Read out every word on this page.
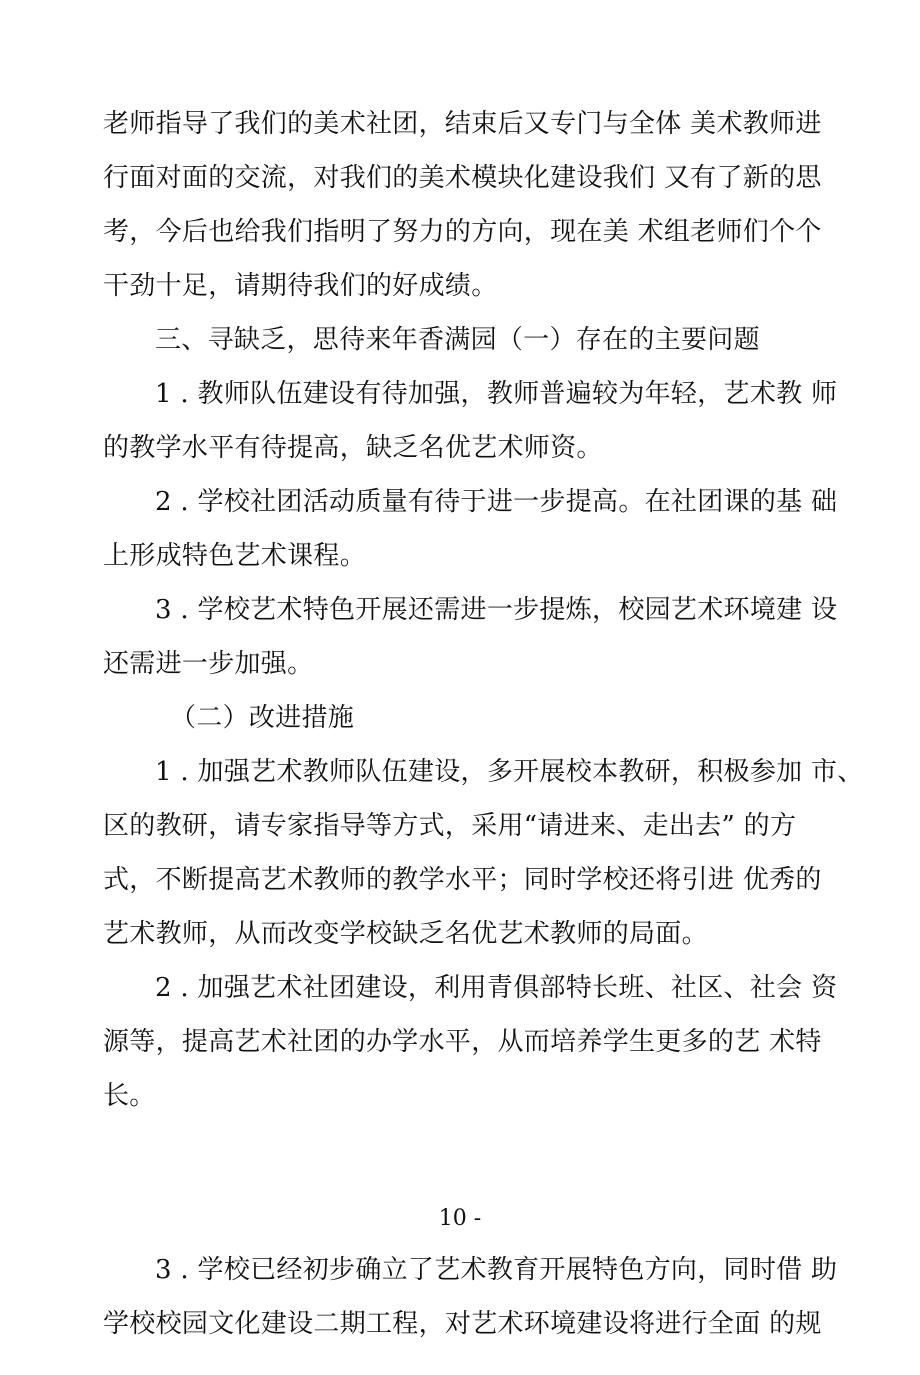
老师指导了我们的美术社团，结束后又专门与全体 美术教师进
行面对面的交流，对我们的美术模块化建设我们 又有了新的思
考，今后也给我们指明了努力的方向，现在美 术组老师们个个
干劲十足，请期待我们的好成绩。
三、寻缺乏，思待来年香满园（一）存在的主要问题
1 . 教师队伍建设有待加强，教师普遍较为年轻，艺术教 师
的教学水平有待提高，缺乏名优艺术师资。
2 . 学校社团活动质量有待于进一步提高。在社团课的基 础
上形成特色艺术课程。
3 . 学校艺术特色开展还需进一步提炼，校园艺术环境建 设
还需进一步加强。
（二）改进措施
1 . 加强艺术教师队伍建设，多开展校本教研，积极参加 市、
区的教研，请专家指导等方式，采用“请进来、走出去” 的方
式，不断提高艺术教师的教学水平；同时学校还将引进 优秀的
艺术教师，从而改变学校缺乏名优艺术教师的局面。
2 . 加强艺术社团建设，利用青俱部特长班、社区、社会 资
源等，提高艺术社团的办学水平，从而培养学生更多的艺 术特
长。
10 -
3 . 学校已经初步确立了艺术教育开展特色方向，同时借 助
学校校园文化建设二期工程，对艺术环境建设将进行全面 的规
